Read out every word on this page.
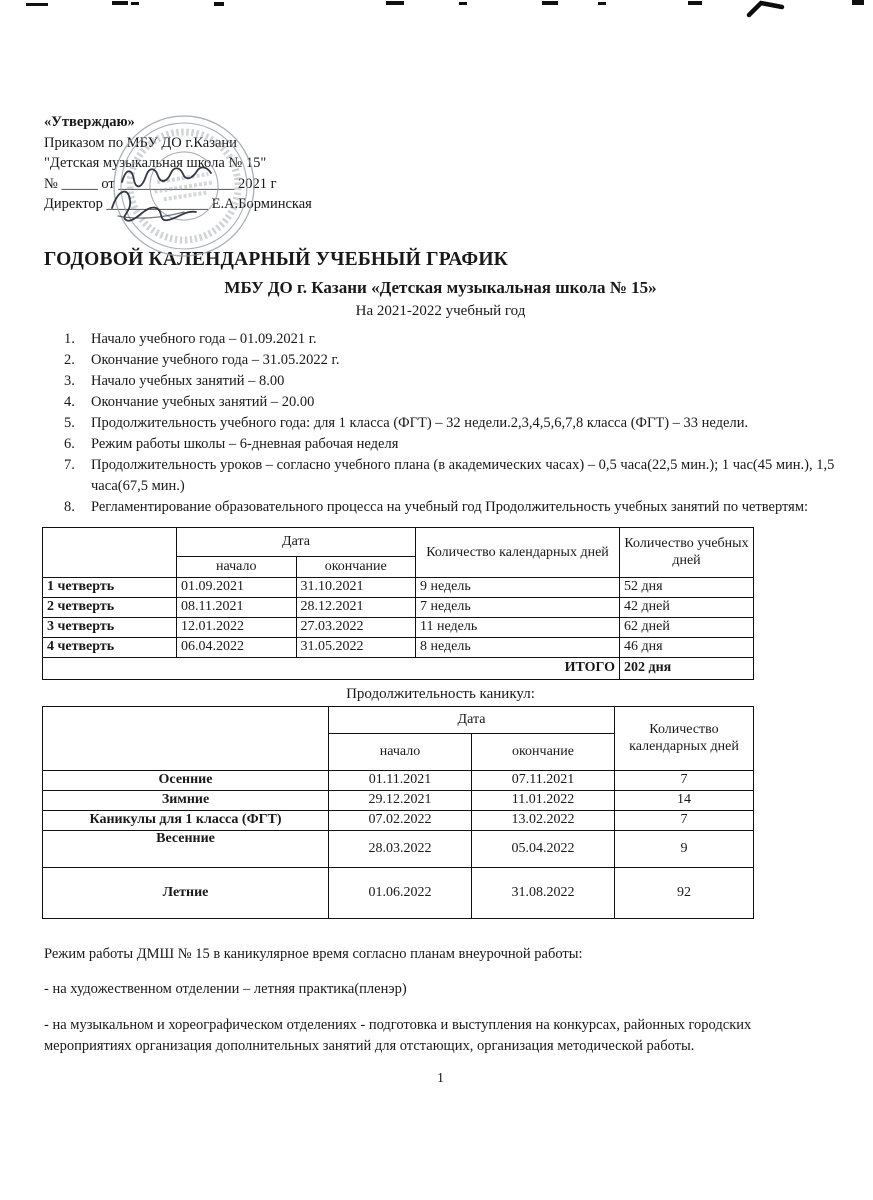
«Утверждаю»
Приказом по МБУ ДО г.Казани
"Детская музыкальная школа № 15"
№ _____ от ________________ 2021 г
Директор ______________ Е.А.Борминская
ГОДОВОЙ КАЛЕНДАРНЫЙ УЧЕБНЫЙ ГРАФИК
МБУ ДО г. Казани «Детская музыкальная школа № 15»
На 2021-2022 учебный год
1.	Начало учебного года – 01.09.2021 г.
2.	Окончание учебного года – 31.05.2022 г.
3.	Начало учебных занятий – 8.00
4.	Окончание учебных занятий – 20.00
5.	Продолжительность учебного года: для 1 класса (ФГТ) – 32 недели.2,3,4,5,6,7,8 класса (ФГТ) – 33 недели.
6.	Режим работы школы – 6-дневная рабочая неделя
7.	Продолжительность уроков – согласно учебного плана (в академических часах) – 0,5 часа(22,5 мин.); 1 час(45 мин.), 1,5 часа(67,5 мин.)
8.	Регламентирование образовательного процесса на учебный год Продолжительность учебных занятий по четвертям:
	Дата		Количество календарных дней	Количество учебных дней
	начало	окончание		
1 четверть	01.09.2021	31.10.2021	9 недель	52 дня
2 четверть	08.11.2021	28.12.2021	7 недель	42 дней
3 четверть	12.01.2022	27.03.2022	11 недель	62 дней
4 четверть	06.04.2022	31.05.2022	8 недель	46 дня
ИТОГО				202 дня
Продолжительность каникул:
	Дата		Количество календарных дней
	начало	окончание	
Осенние	01.11.2021	07.11.2021	7
Зимние	29.12.2021	11.01.2022	14
Каникулы для 1 класса (ФГТ)	07.02.2022	13.02.2022	7
Весенние	28.03.2022	05.04.2022	9
Летние	01.06.2022	31.08.2022	92

Режим работы ДМШ № 15 в каникулярное время согласно планам внеурочной работы:

- на художественном отделении – летняя практика(пленэр)

- на музыкальном и хореографическом отделениях - подготовка и выступления на конкурсах, районных городских мероприятиях организация дополнительных занятий для отстающих, организация методической работы.

1
